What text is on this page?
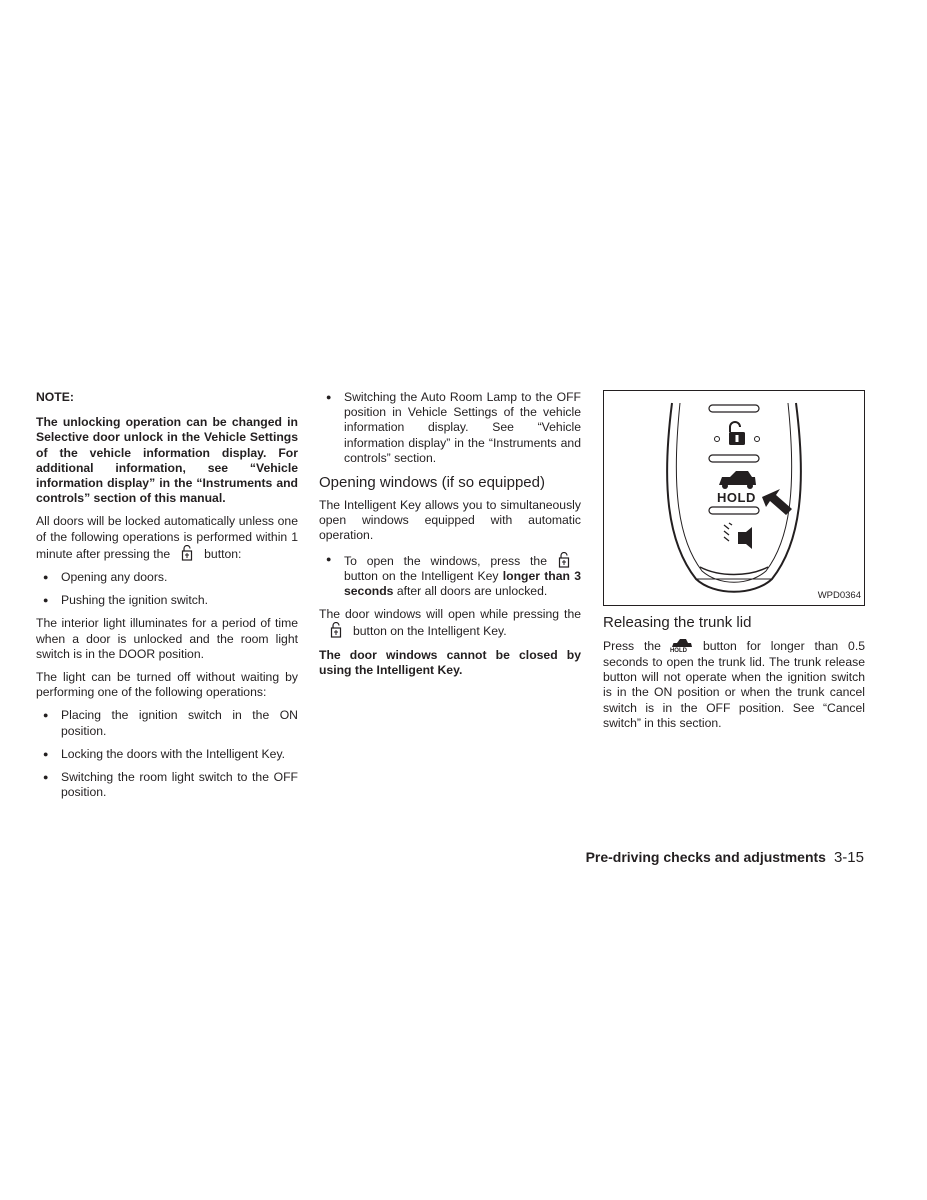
NOTE:

The unlocking operation can be changed in Selective door unlock in the Vehicle Settings of the vehicle information display. For additional information, see “Vehicle information display” in the “Instruments and controls” section of this manual.

All doors will be locked automatically unless one of the following operations is performed within 1 minute after pressing the	button:

● Opening any doors.
● Pushing the ignition switch.

The interior light illuminates for a period of time when a door is unlocked and the room light switch is in the DOOR position.

The light can be turned off without waiting by performing one of the following operations:

● Placing the ignition switch in the ON position.
● Locking the doors with the Intelligent Key.
● Switching the room light switch to the OFF position.
● Switching the Auto Room Lamp to the OFF position in Vehicle Settings of the vehicle information display. See “Vehicle information display” in the “Instruments and controls” section.
Opening windows (if so equipped)

The Intelligent Key allows you to simultaneously open windows equipped with automatic operation.

● To open the windows, press thebutton on the Intelligent Key longer than 3 seconds after all doors are unlocked.

The door windows will open while pressing thebutton on the Intelligent Key.

The door windows cannot be closed by using the Intelligent Key.

HOLD
WPD0364
Releasing the trunk lid

Press the HOLD button for longer than 0.5 seconds to open the trunk lid. The trunk release button will not operate when the ignition switch is in the ON position or when the trunk cancel switch is in the OFF position. See “Cancel switch” in this section.

Pre-driving checks and adjustments 3-15
